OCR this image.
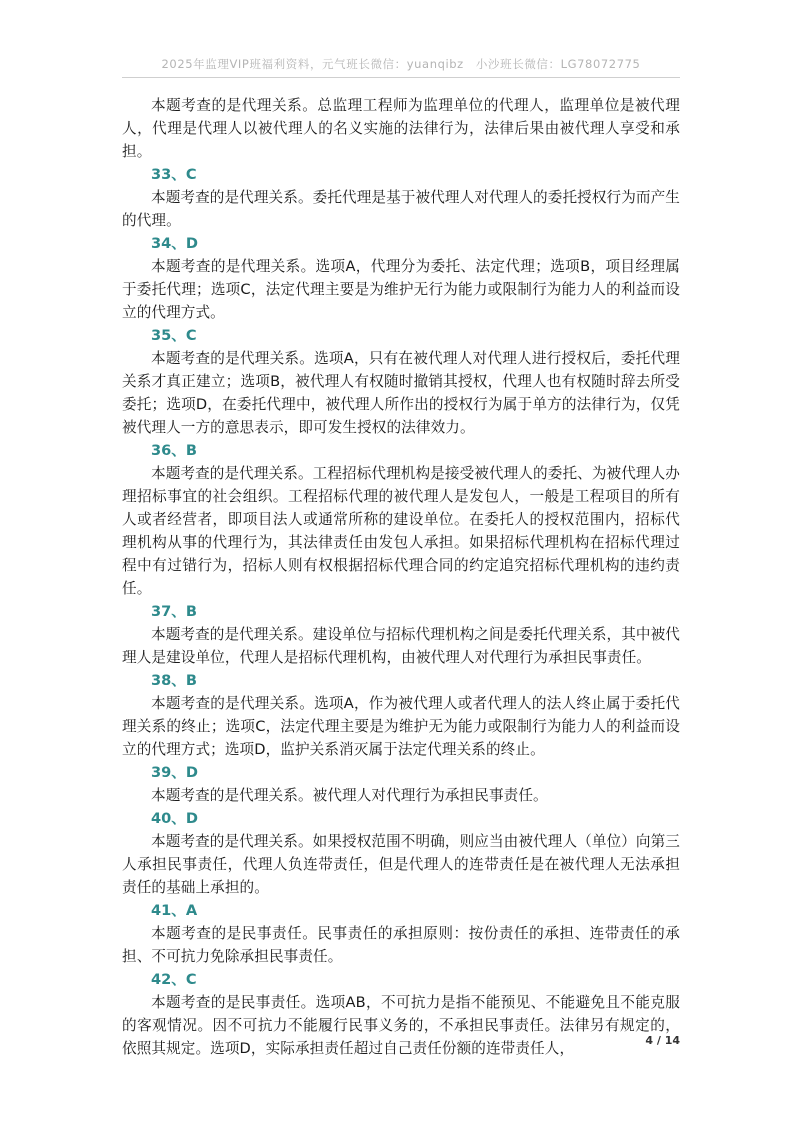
2025年监理VIP班福利资料，元气班长微信：yuanqibz　小沙班长微信：LG78072775

本题考查的是代理关系。总监理工程师为监理单位的代理人，监理单位是被代理人，代理是代理人以被代理人的名义实施的法律行为，法律后果由被代理人享受和承担。

33、C

本题考查的是代理关系。委托代理是基于被代理人对代理人的委托授权行为而产生的代理。

34、D

本题考查的是代理关系。选项A，代理分为委托、法定代理；选项B，项目经理属于委托代理；选项C，法定代理主要是为维护无行为能力或限制行为能力人的利益而设立的代理方式。

35、C

本题考查的是代理关系。选项A，只有在被代理人对代理人进行授权后，委托代理关系才真正建立；选项B，被代理人有权随时撤销其授权，代理人也有权随时辞去所受委托；选项D，在委托代理中，被代理人所作出的授权行为属于单方的法律行为，仅凭被代理人一方的意思表示，即可发生授权的法律效力。

36、B

本题考查的是代理关系。工程招标代理机构是接受被代理人的委托、为被代理人办理招标事宜的社会组织。工程招标代理的被代理人是发包人，一般是工程项目的所有人或者经营者，即项目法人或通常所称的建设单位。在委托人的授权范围内，招标代理机构从事的代理行为，其法律责任由发包人承担。如果招标代理机构在招标代理过程中有过错行为，招标人则有权根据招标代理合同的约定追究招标代理机构的违约责任。

37、B

本题考查的是代理关系。建设单位与招标代理机构之间是委托代理关系，其中被代理人是建设单位，代理人是招标代理机构，由被代理人对代理行为承担民事责任。

38、B

本题考查的是代理关系。选项A，作为被代理人或者代理人的法人终止属于委托代理关系的终止；选项C，法定代理主要是为维护无为能力或限制行为能力人的利益而设立的代理方式；选项D，监护关系消灭属于法定代理关系的终止。

39、D

本题考查的是代理关系。被代理人对代理行为承担民事责任。

40、D

本题考查的是代理关系。如果授权范围不明确，则应当由被代理人（单位）向第三人承担民事责任，代理人负连带责任，但是代理人的连带责任是在被代理人无法承担责任的基础上承担的。

41、A

本题考查的是民事责任。民事责任的承担原则：按份责任的承担、连带责任的承担、不可抗力免除承担民事责任。

42、C

本题考查的是民事责任。选项AB，不可抗力是指不能预见、不能避免且不能克服的客观情况。因不可抗力不能履行民事义务的，不承担民事责任。法律另有规定的，依照其规定。选项D，实际承担责任超过自己责任份额的连带责任人，	4 / 14
